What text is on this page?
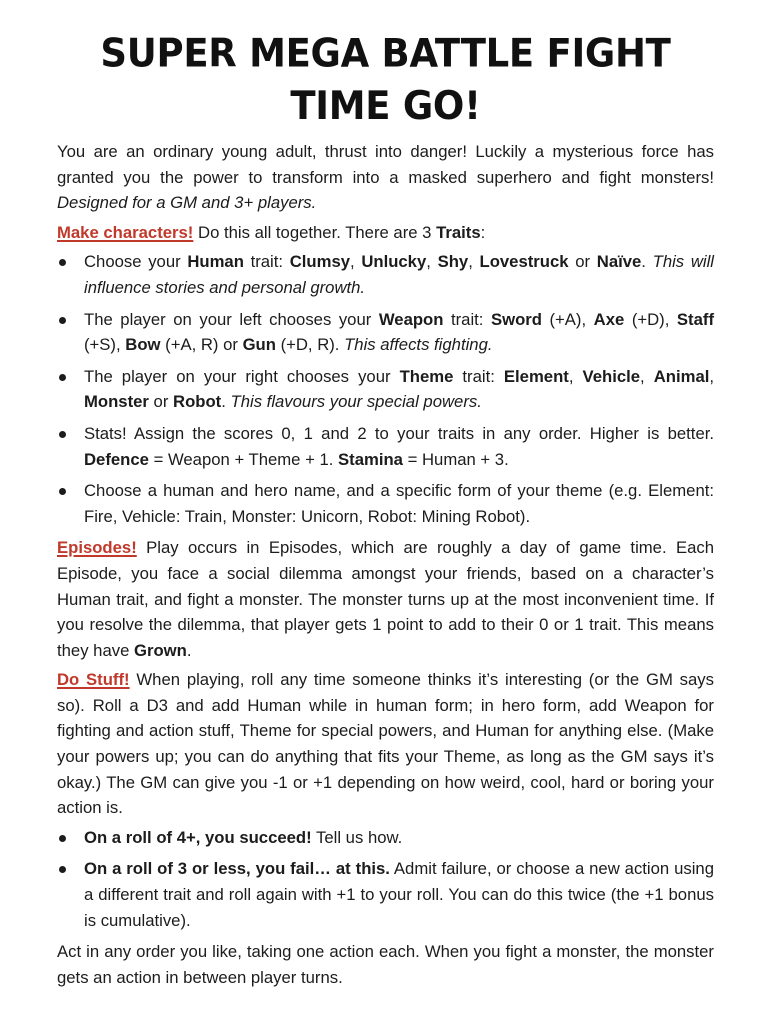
SUPER MEGA BATTLE FIGHT TIME GO!

You are an ordinary young adult, thrust into danger! Luckily a mysterious force has granted you the power to transform into a masked superhero and fight monsters! Designed for a GM and 3+ players.

Make characters! Do this all together. There are 3 Traits:

Choose your Human trait: Clumsy, Unlucky, Shy, Lovestruck or Naïve. This will influence stories and personal growth.
The player on your left chooses your Weapon trait: Sword (+A), Axe (+D), Staff (+S), Bow (+A, R) or Gun (+D, R). This affects fighting.
The player on your right chooses your Theme trait: Element, Vehicle, Animal, Monster or Robot. This flavours your special powers.
Stats! Assign the scores 0, 1 and 2 to your traits in any order. Higher is better. Defence = Weapon + Theme + 1. Stamina = Human + 3.
Choose a human and hero name, and a specific form of your theme (e.g. Element: Fire, Vehicle: Train, Monster: Unicorn, Robot: Mining Robot).

Episodes! Play occurs in Episodes, which are roughly a day of game time. Each Episode, you face a social dilemma amongst your friends, based on a character’s Human trait, and fight a monster. The monster turns up at the most inconvenient time. If you resolve the dilemma, that player gets 1 point to add to their 0 or 1 trait. This means they have Grown.

Do Stuff! When playing, roll any time someone thinks it’s interesting (or the GM says so). Roll a D3 and add Human while in human form; in hero form, add Weapon for fighting and action stuff, Theme for special powers, and Human for anything else. (Make your powers up; you can do anything that fits your Theme, as long as the GM says it’s okay.) The GM can give you -1 or +1 depending on how weird, cool, hard or boring your action is.

On a roll of 4+, you succeed! Tell us how.
On a roll of 3 or less, you fail… at this. Admit failure, or choose a new action using a different trait and roll again with +1 to your roll. You can do this twice (the +1 bonus is cumulative).

Act in any order you like, taking one action each. When you fight a monster, the monster gets an action in between player turns.
